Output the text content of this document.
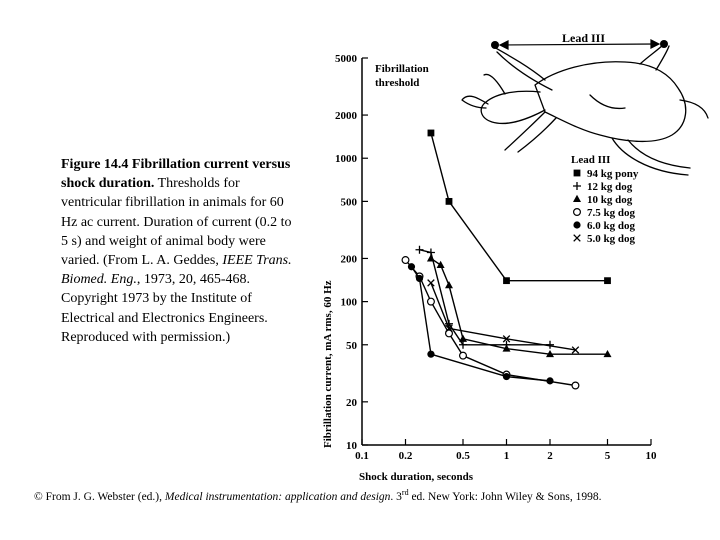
Figure 14.4 Fibrillation current versus shock duration. Thresholds for ventricular fibrillation in animals for 60 Hz ac current. Duration of current (0.2 to 5 s) and weight of animal body were varied. (From L. A. Geddes, IEEE Trans. Biomed. Eng., 1973, 20, 465-468. Copyright 1973 by the Institute of Electrical and Electronics Engineers. Reproduced with permission.)
© From J. G. Webster (ed.), Medical instrumentation: application and design. 3rd ed. New York: John Wiley & Sons, 1998.
Lead III
10
20
50
100
200
500
1000
2000
5000
0.1	0.2	0.5	1	2	5	10
Fibrillation
threshold
Shock duration, seconds
Fibrillation current, mA rms, 60 Hz
Lead III
94 kg pony
12 kg dog
10 kg dog
7.5 kg dog
6.0 kg dog
5.0 kg dog
